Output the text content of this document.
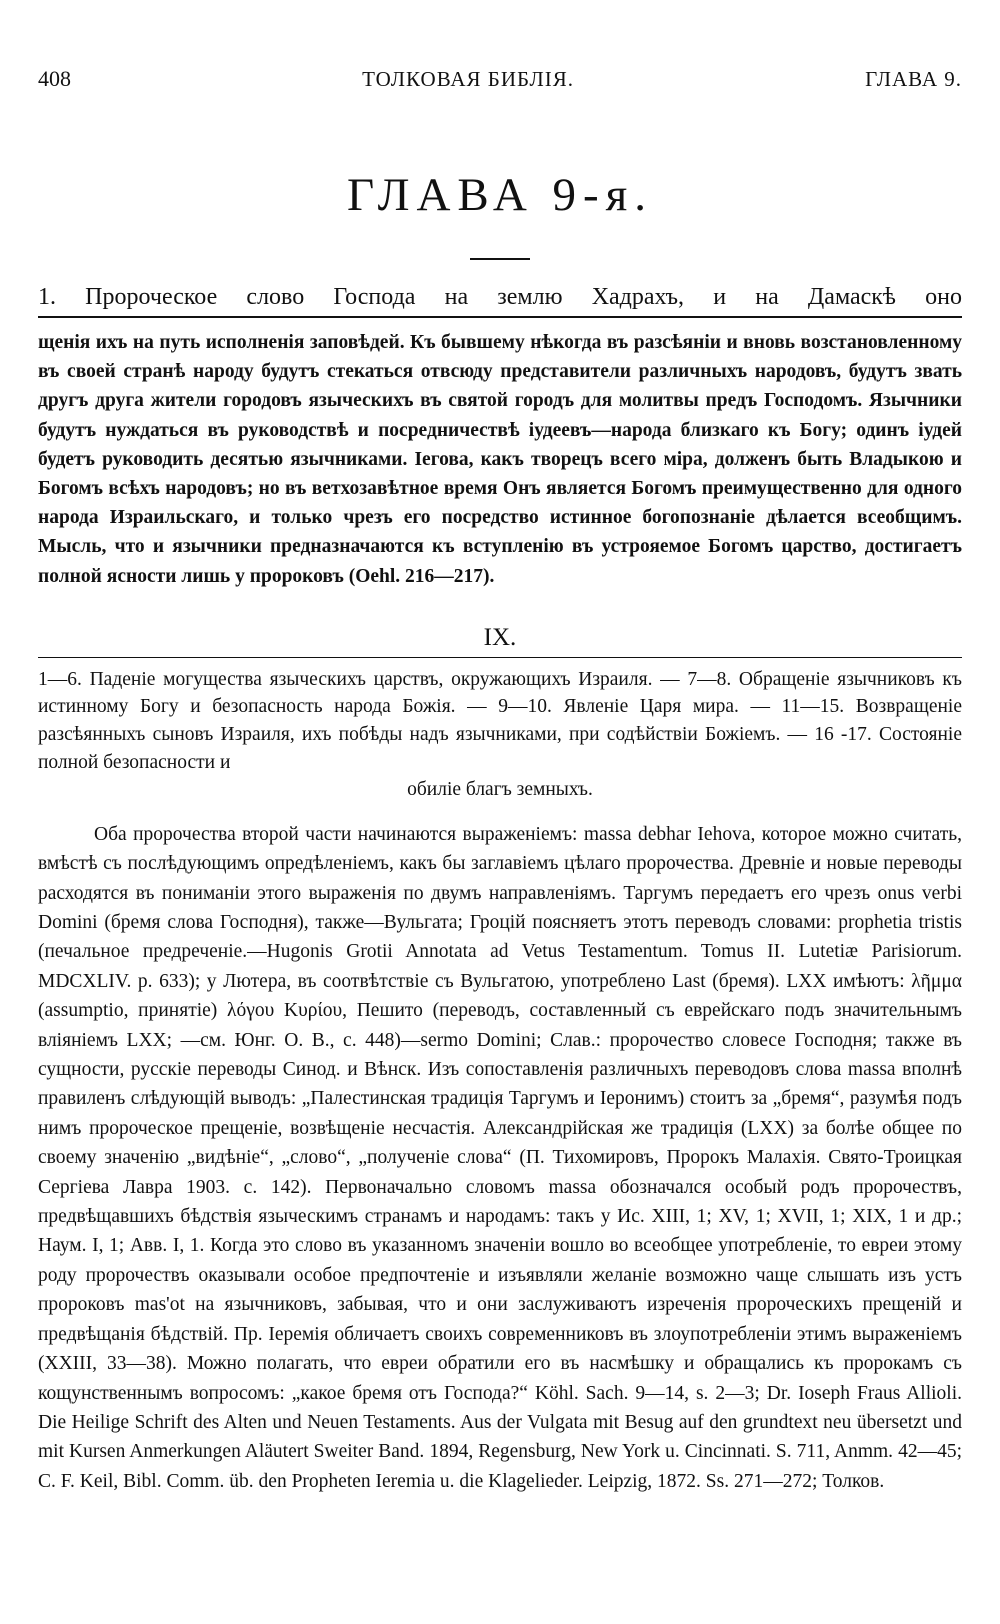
408	ТОЛКОВАЯ БИБЛІЯ.	ГЛАВА 9.
ГЛАВА 9-я.
1. Пророческое слово Господа на землю Хадрахъ, и на Дамаскѣ оно

щенія ихъ на путь исполненія заповѣдей. Къ бывшему нѣкогда въ разсѣяніи и вновь возстановленному въ своей странѣ народу будутъ стекаться отвсюду представители различныхъ народовъ, будутъ звать другъ друга жители городовъ языческихъ въ святой городъ для молитвы предъ Господомъ. Язычники будутъ нуждаться въ руководствѣ и посредничествѣ іудеевъ—народа близкаго къ Богу; одинъ іудей будетъ руководить десятью язычниками. Іегова, какъ творецъ всего міра, долженъ быть Владыкою и Богомъ всѣхъ народовъ; но въ ветхозавѣтное время Онъ является Богомъ преимущественно для одного народа Израильскаго, и только чрезъ его посредство истинное богопознаніе дѣлается всеобщимъ. Мысль, что и язычники предназначаются къ вступленію въ устрояемое Богомъ царство, достигаетъ полной ясности лишь у пророковъ (Oehl. 216—217).

IX.

1—6. Паденіе могущества языческихъ царствъ, окружающихъ Израиля. — 7—8. Обращеніе язычниковъ къ истинному Богу и безопасность народа Божія. — 9—10. Явленіе Царя мира. — 11—15. Возвращеніе разсѣянныхъ сыновъ Израиля, ихъ побѣды надъ язычниками, при содѣйствіи Божіемъ. — 16 -17. Состояніе полной безопасности и

обиліе благъ земныхъ.

Оба пророчества второй части начинаются выраженіемъ: massa debhar Iehova, которое можно считать, вмѣстѣ съ послѣдующимъ опредѣленіемъ, какъ бы заглавіемъ цѣлаго пророчества. Древніе и новые переводы расходятся въ пониманіи этого выраженія по двумъ направленіямъ. Таргумъ передаетъ его чрезъ onus verbi Domini (бремя слова Господня), также—Вульгата; Гроцій поясняетъ этотъ переводъ словами: prophetia tristis (печальное предреченіе.—Hugonis Grotii Annotata ad Vetus Testamentum. Tomus II. Lutetiæ Parisiorum. MDCXLIV. p. 633); у Лютера, въ соотвѣтствіе съ Вульгатою, употреблено Last (бремя). LXX имѣютъ: λῆμμα (assumptio, принятіе) λόγου Κυρίου, Пешито (переводъ, составленный съ еврейскаго подъ значительнымъ вліяніемъ LXX; —см. Юнг. О. В., с. 448)—sermo Domini; Слав.: пророчество словесе Господня; также въ сущности, русскіе переводы Синод. и Вѣнск. Изъ сопоставленія различныхъ переводовъ слова massa вполнѣ правиленъ слѣдующій выводъ: „Палестинская традиція Таргумъ и Іеронимъ) стоитъ за „бремя“, разумѣя подъ нимъ пророческое прещеніе, возвѣщеніе несчастія. Александрійская же традиція (LXX) за болѣе общее по своему значенію „видѣніе“, „слово“, „полученіе слова“ (П. Тихомировъ, Пророкъ Малахія. Свято-Троицкая Сергіева Лавра 1903. с. 142). Первоначально словомъ massa обозначался особый родъ пророчествъ, предвѣщавшихъ бѣдствія языческимъ странамъ и народамъ: такъ у Ис. XIII, 1; XV, 1; XVII, 1; XIX, 1 и др.; Наум. I, 1; Авв. I, 1. Когда это слово въ указанномъ значеніи вошло во всеобщее употребленіе, то евреи этому роду пророчествъ оказывали особое предпочтеніе и изъявляли желаніе возможно чаще слышать изъ устъ пророковъ mas'ot на язычниковъ, забывая, что и они заслуживаютъ изреченія пророческихъ прещеній и предвѣщанія бѣдствій. Пр. Іеремія обличаетъ своихъ современниковъ въ злоупотребленіи этимъ выраженіемъ (XXIII, 33—38). Можно полагать, что евреи обратили его въ насмѣшку и обращались къ пророкамъ съ кощунственнымъ вопросомъ: „какое бремя отъ Господа?“ Köhl. Sach. 9—14, s. 2—3; Dr. Ioseph Fraus Allioli. Die Heilige Schrift des Alten und Neuen Testaments. Aus der Vulgata mit Besug auf den grundtext neu übersetzt und mit Kursen Anmerkungen Aläutert Sweiter Band. 1894, Regensburg, New York u. Cincinnati. S. 711, Anmm. 42—45; C. F. Keil, Bibl. Comm. üb. den Propheten Ieremia u. die Klagelieder. Leipzig, 1872. Ss. 271—272; Толков.
